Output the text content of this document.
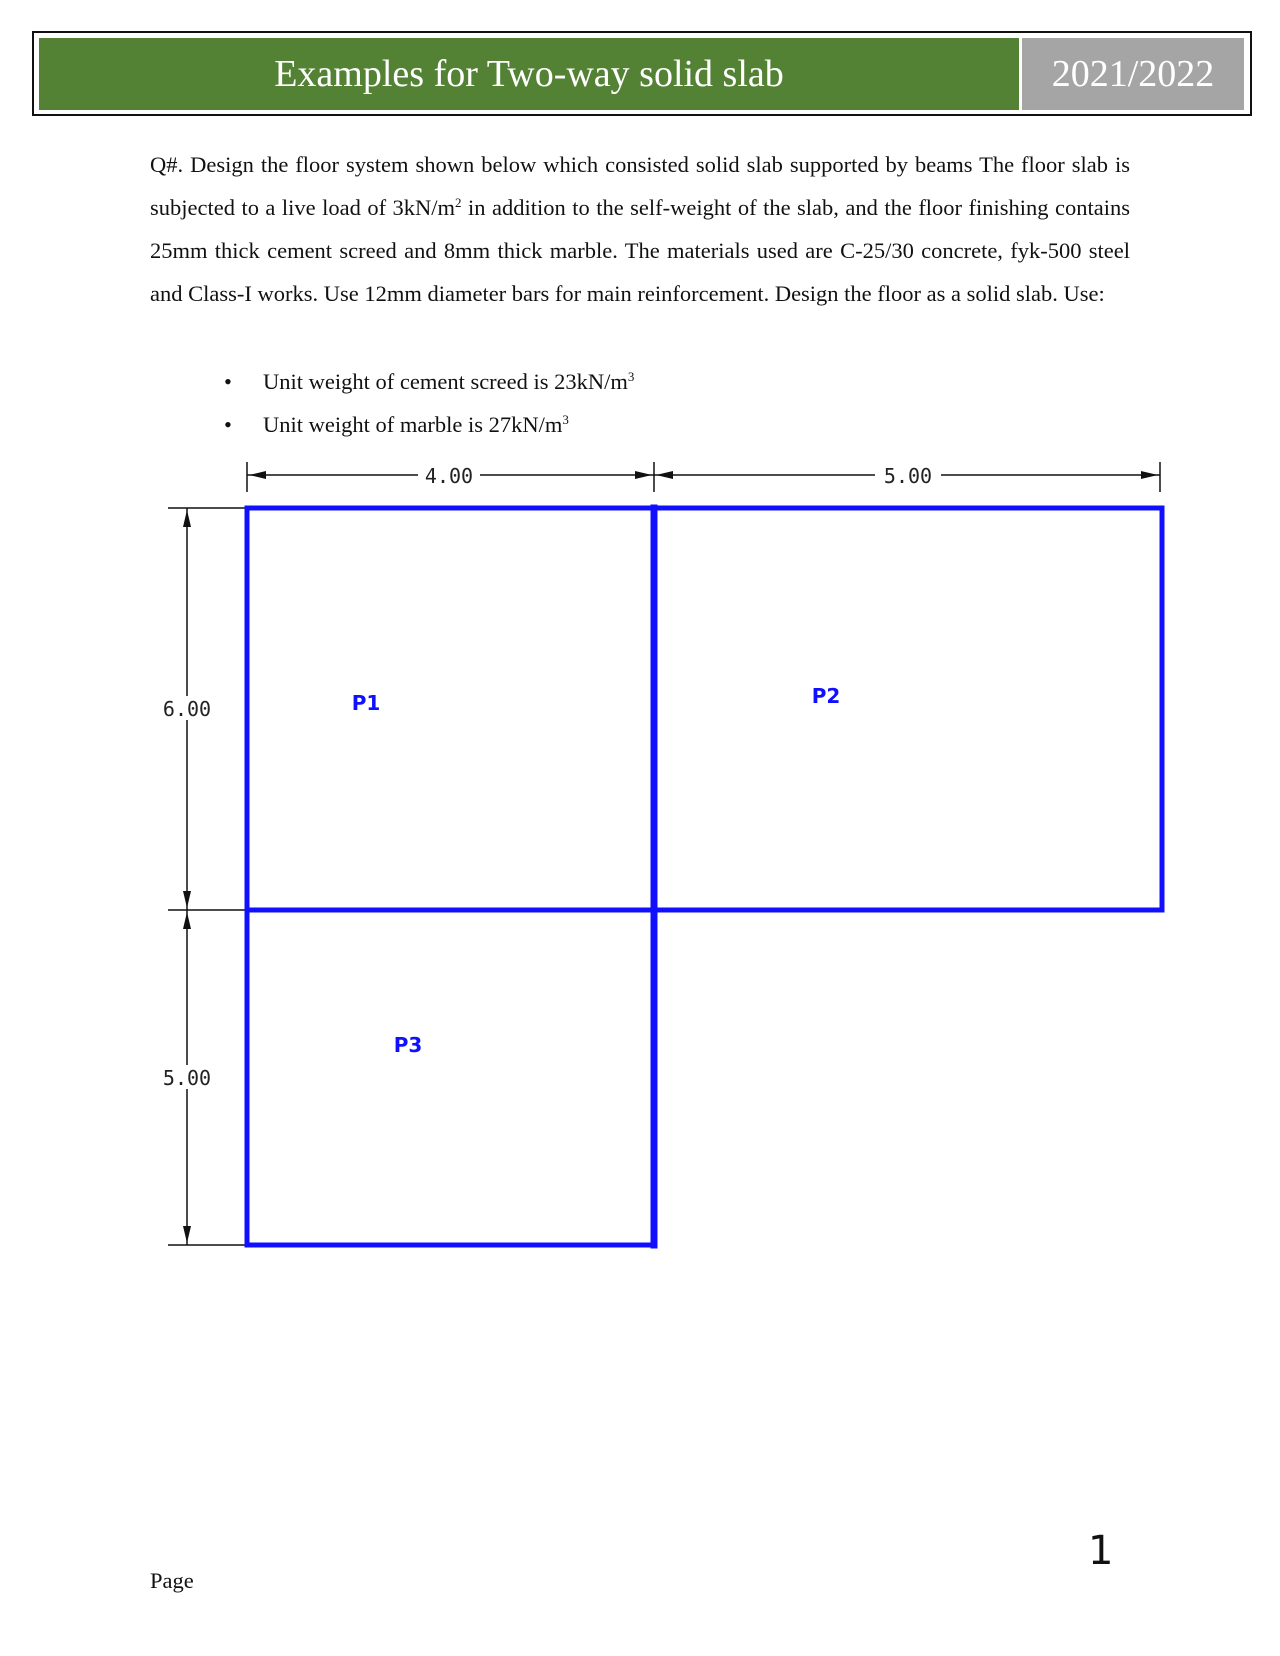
Examples for Two-way solid slab	2021/2022

Q#. Design the floor system shown below which consisted solid slab supported by beams The floor slab is subjected to a live load of $3kN/m^2$ in addition to the self-weight of the slab, and the floor finishing contains 25mm thick cement screed and 8mm thick marble. The materials used are C-25/30 concrete, fyk-500 steel and Class-I works. Use 12mm diameter bars for main reinforcement. Design the floor as a solid slab. Use:

• Unit weight of cement screed is $23kN/m^3$
• Unit weight of marble is $27kN/m^3$
4.00	5.00
6.00
5.00
P1	P2
P3
Page
1
